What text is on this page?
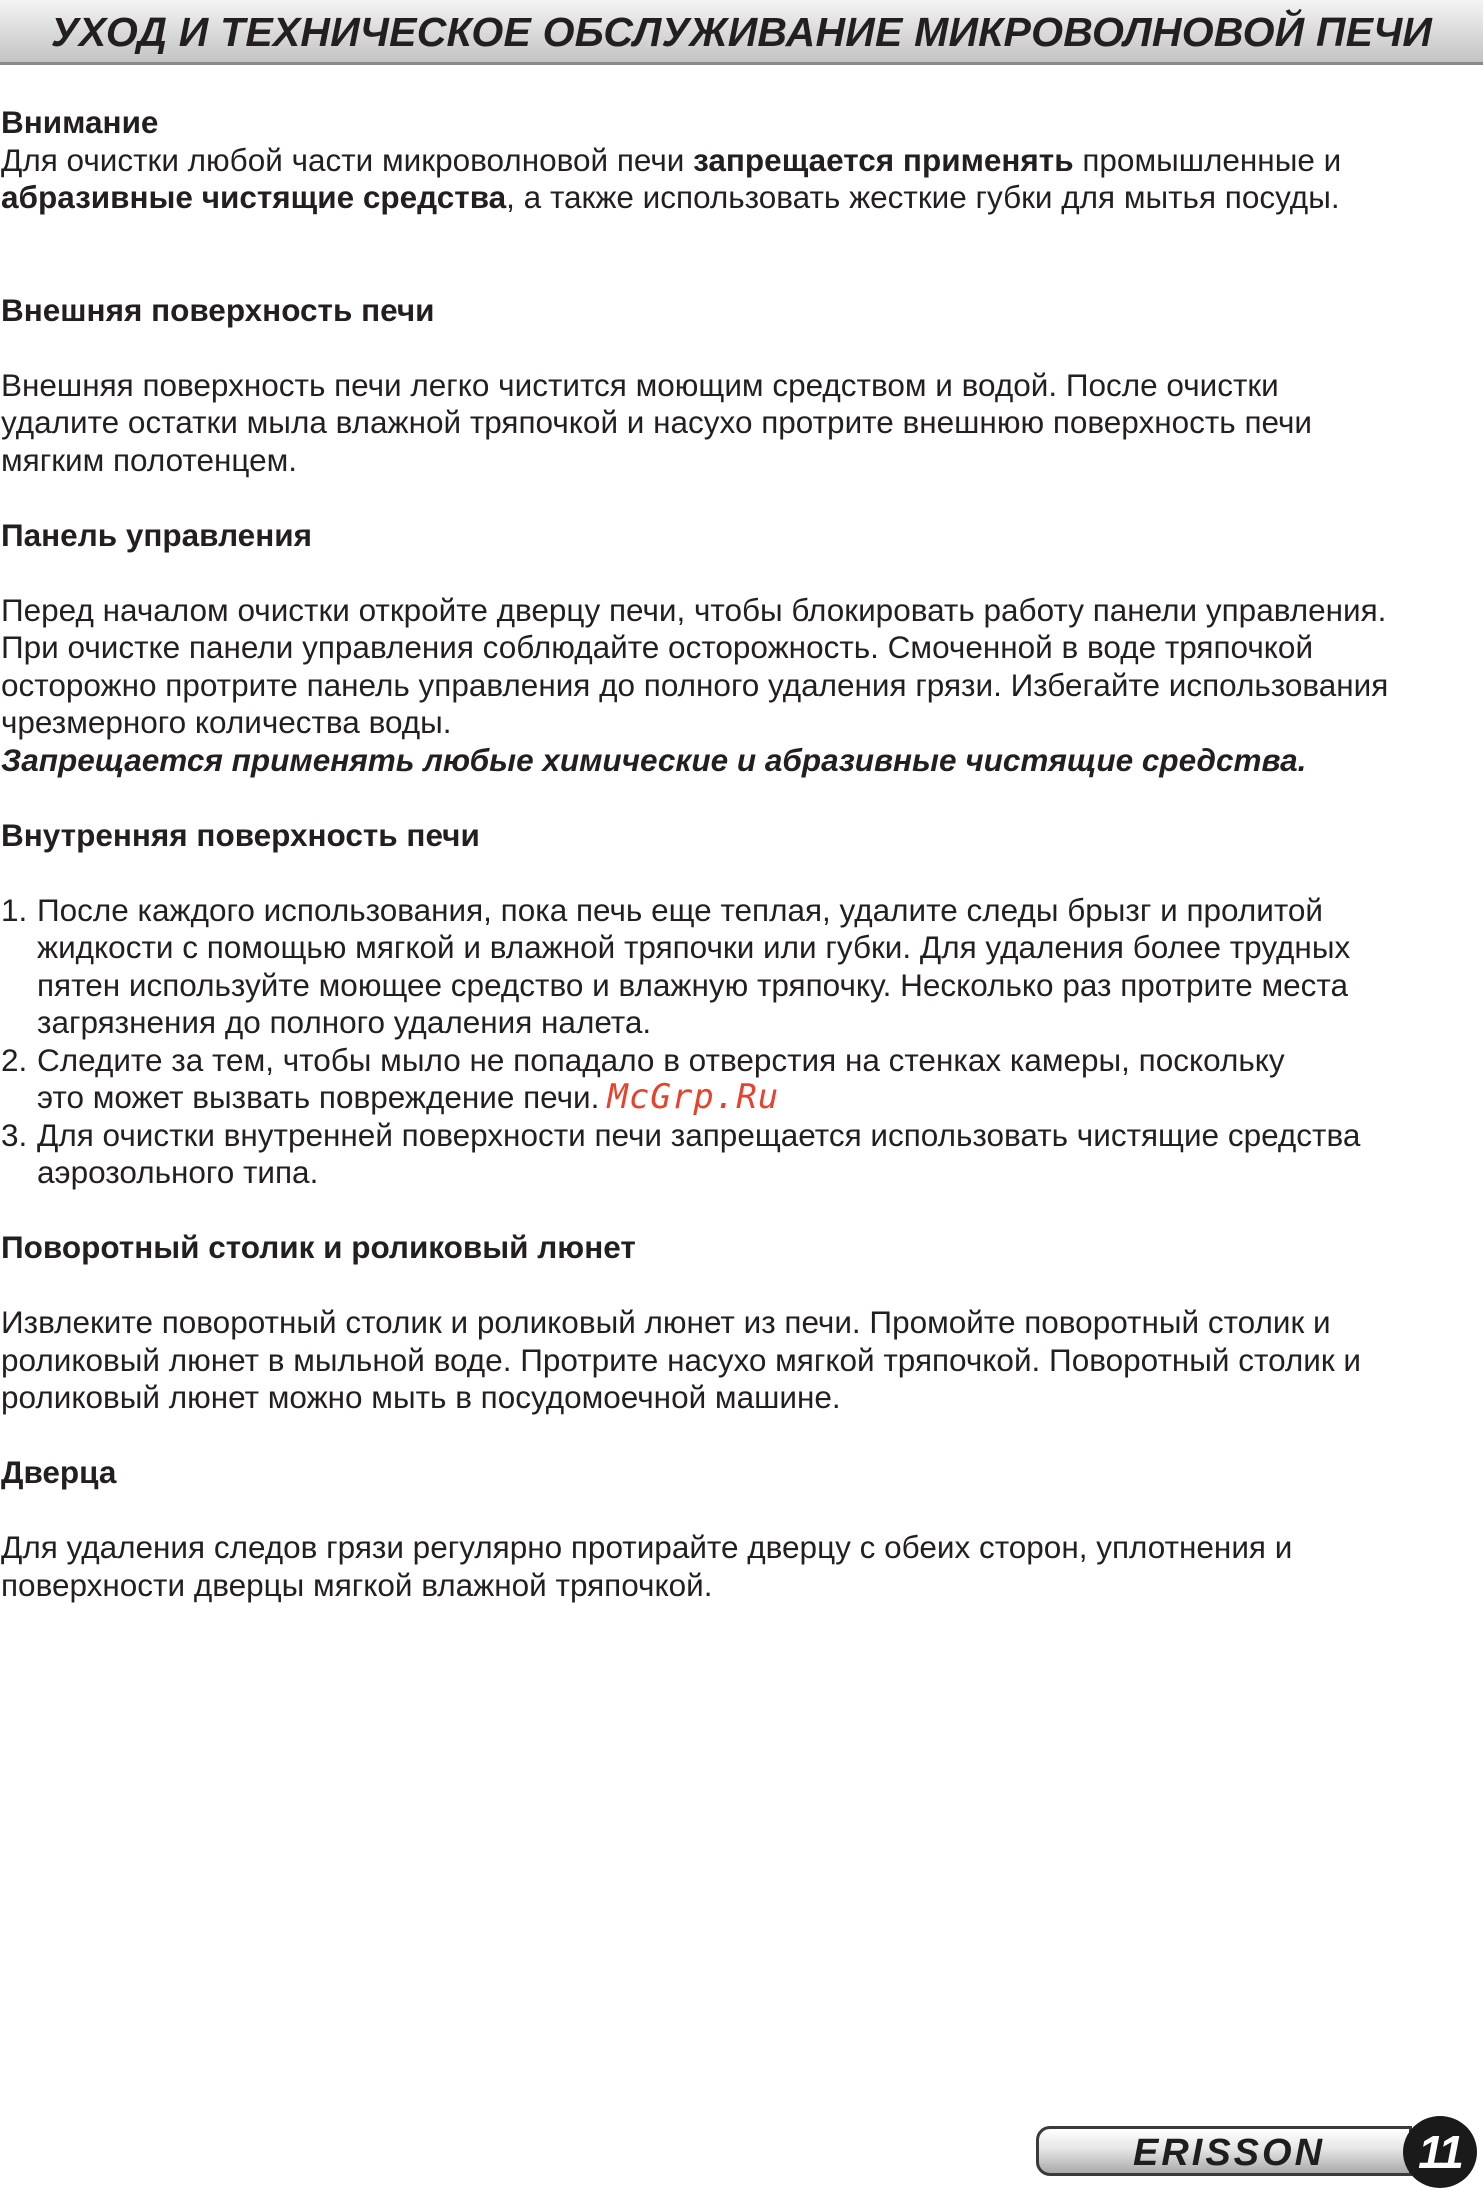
УХОД И ТЕХНИЧЕСКОЕ ОБСЛУЖИВАНИЕ МИКРОВОЛНОВОЙ ПЕЧИ

Внимание

Для очистки любой части микроволновой печи запрещается применять промышленные и

абразивные чистящие средства, а также использовать жесткие губки для мытья посуды.

Внешняя поверхность печи

Внешняя поверхность печи легко чистится моющим средством и водой. После очистки

удалите остатки мыла влажной тряпочкой и насухо протрите внешнюю поверхность печи

мягким полотенцем.

Панель управления

Перед началом очистки откройте дверцу печи, чтобы блокировать работу панели управления.

При очистке панели управления соблюдайте осторожность. Смоченной в воде тряпочкой

осторожно протрите панель управления до полного удаления грязи. Избегайте использования

чрезмерного количества воды.

Запрещается применять любые химические и абразивные чистящие средства.

Внутренняя поверхность печи

1. После каждого использования, пока печь еще теплая, удалите следы брызг и пролитой

жидкости с помощью мягкой и влажной тряпочки или губки. Для удаления более трудных

пятен используйте моющее средство и влажную тряпочку. Несколько раз протрите места

загрязнения до полного удаления налета.

2. Следите за тем, чтобы мыло не попадало в отверстия на стенках камеры, поскольку

это может вызвать повреждение печи. McGrp.Ru

3. Для очистки внутренней поверхности печи запрещается использовать чистящие средства

аэрозольного типа.

Поворотный столик и роликовый люнет

Извлеките поворотный столик и роликовый люнет из печи. Промойте поворотный столик и

роликовый люнет в мыльной воде. Протрите насухо мягкой тряпочкой. Поворотный столик и

роликовый люнет можно мыть в посудомоечной машине.

Дверца

Для удаления следов грязи регулярно протирайте дверцу с обеих сторон, уплотнения и

поверхности дверцы мягкой влажной тряпочкой.

ERISSON	11
